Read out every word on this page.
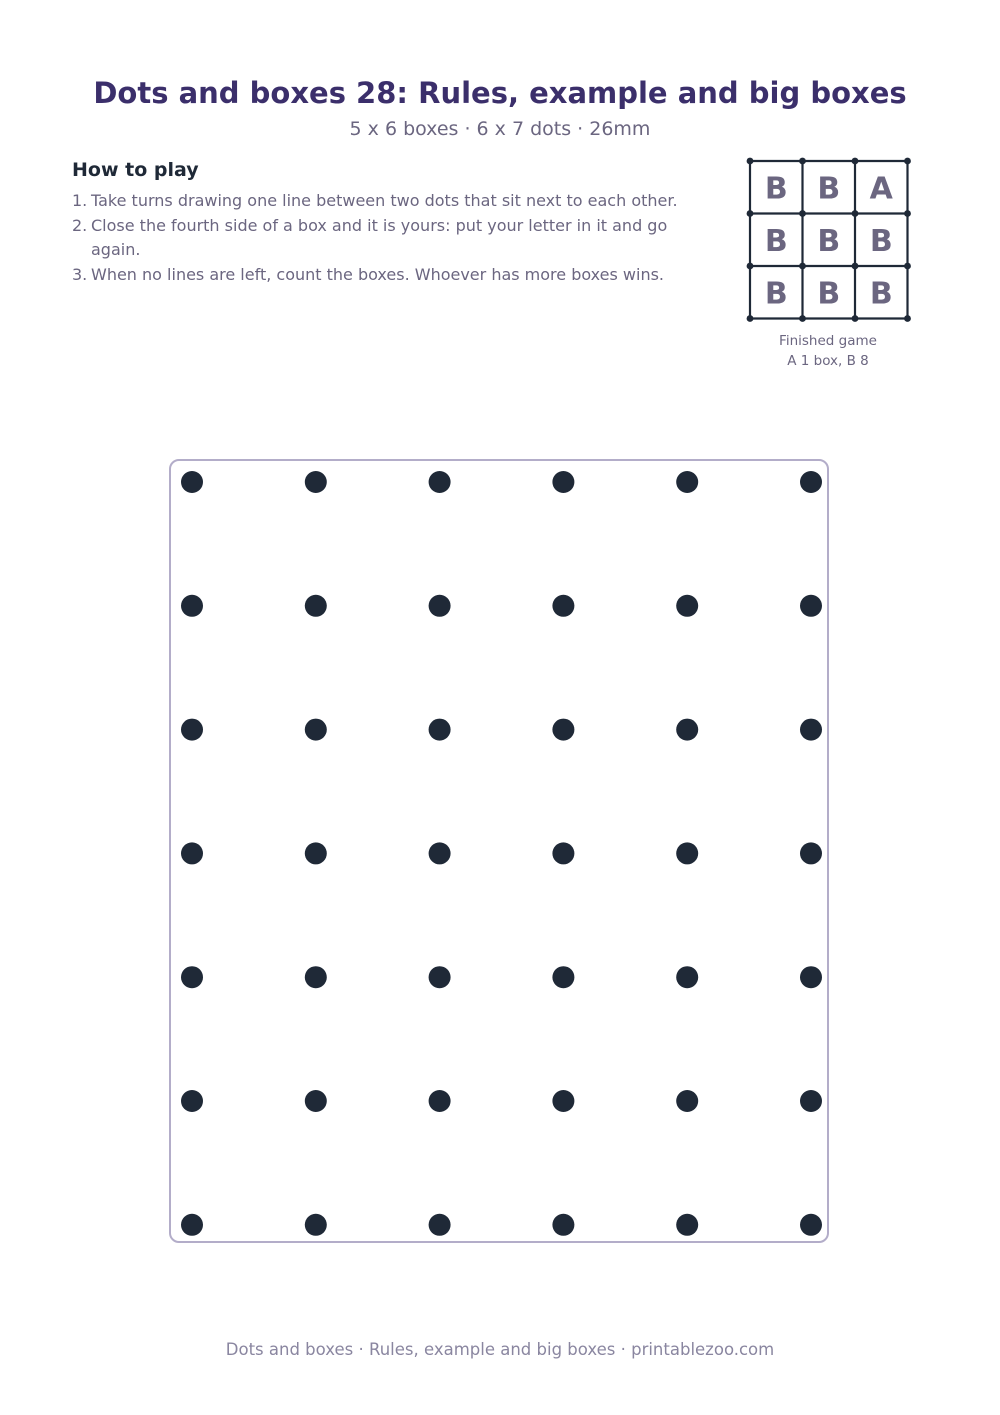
Dots and boxes 28: Rules, example and big boxes
5 x 6 boxes · 6 x 7 dots · 26mm
How to play
1. Take turns drawing one line between two dots that sit next to each other.
2. Close the fourth side of a box and it is yours: put your letter in it and go again.
3. When no lines are left, count the boxes. Whoever has more boxes wins.
B B A
B B B
B B B
Finished game
A 1 box, B 8
Dots and boxes · Rules, example and big boxes · printablezoo.com
